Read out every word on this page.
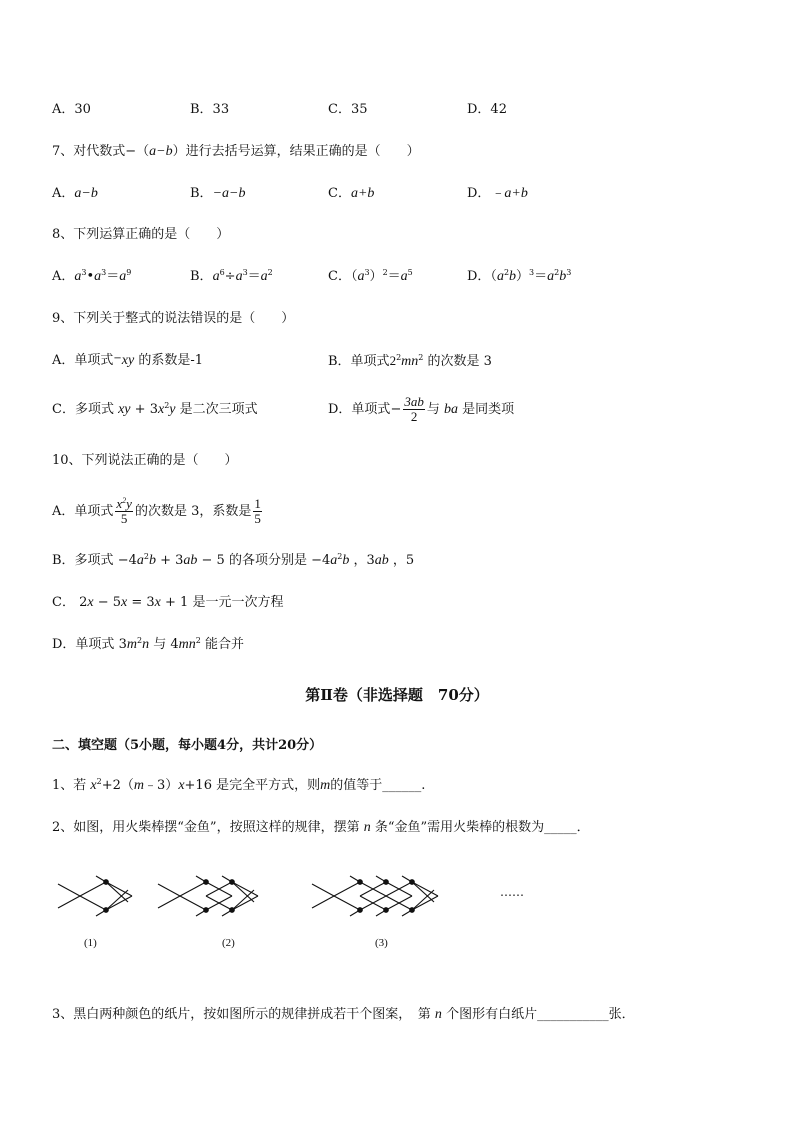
A．30	B．33	C．35	D．42
7、对代数式−（a−b）进行去括号运算，结果正确的是（　　）
A．a−b	B．−a−b	C．a+b	D．﹣a+b
8、下列运算正确的是（　　）
A．$a^3•a^3=a^9$	B．$a^6\div a^3=a^2$	C．$(a^3)^2=a^5$	D．$(a^2b)^3=a^2b^3$
9、下列关于整式的说法错误的是（　　）
A．单项式−xy 的系数是-1	B．单项式$2^2mn^2$ 的次数是 3
C．多项式 xy + $3x^2y$ 是二次三项式	D．单项式− $\frac{3ab}{2}$ 与 ba 是同类项
10、下列说法正确的是（　　）
A．单项式 $\frac{x^2y}{5}$ 的次数是 3，系数是 $\frac{1}{5}$
B．多项式 $-4a^2b + 3ab - 5$ 的各项分别是 $-4a^2b$ ，3ab ，5
C． 2x − 5x = 3x + 1 是一元一次方程
D．单项式 $3m^2n$ 与 $4mn^2$ 能合并
第Ⅱ卷（非选择题　70分）
二、填空题（5小题，每小题4分，共计20分）
1、若 $x^2+2(m﹣3)x+16$ 是完全平方式，则m的值等于______.
2、如图，用火柴棒摆“金鱼”，按照这样的规律，摆第 n 条“金鱼”需用火柴棒的根数为_____．
(1)	(2)	(3)
……
3、黑白两种颜色的纸片，按如图所示的规律拼成若干个图案，　第 n 个图形有白纸片___________张．
